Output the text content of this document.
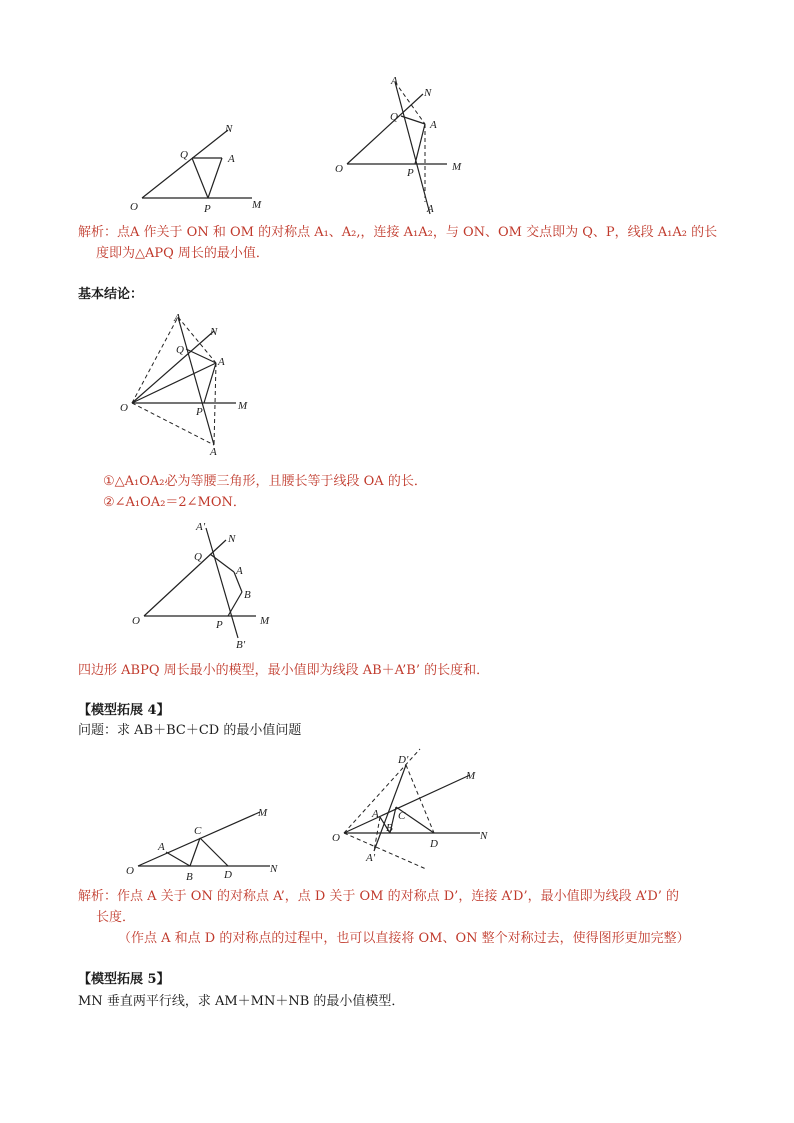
O
N
Q	A
P	M
O
A
N
Q
A
P	M
A
解析：点A 作关于 ON 和 OM 的对称点 A₁、A₂,，连接 A₁A₂，与 ON、OM 交点即为 Q、P，线段 A₁A₂ 的长
度即为△APQ 周长的最小值．
基本结论：
O
A
N
Q
A
P	M
A
①△A₁OA₂必为等腰三角形，且腰长等于线段 OA 的长．
②∠A₁OA₂＝2∠MON．
O
A'
N
Q
A
B
P	M
B'
四边形 ABPQ 周长最小的模型，最小值即为线段 AB＋A’B’ 的长度和．
【模型拓展 4】
问题：求 AB＋BC＋CD 的最小值问题
O
A
B
C
D
M
N
O
D'
M
A C
B
D
N
A'
解析：作点 A 关于 ON 的对称点 A’，点 D 关于 OM 的对称点 D’，连接 A’D’，最小值即为线段 A’D’ 的
长度．
（作点 A 和点 D 的对称点的过程中，也可以直接将 OM、ON 整个对称过去，使得图形更加完整）
【模型拓展 5】
MN 垂直两平行线，求 AM＋MN＋NB 的最小值模型．
